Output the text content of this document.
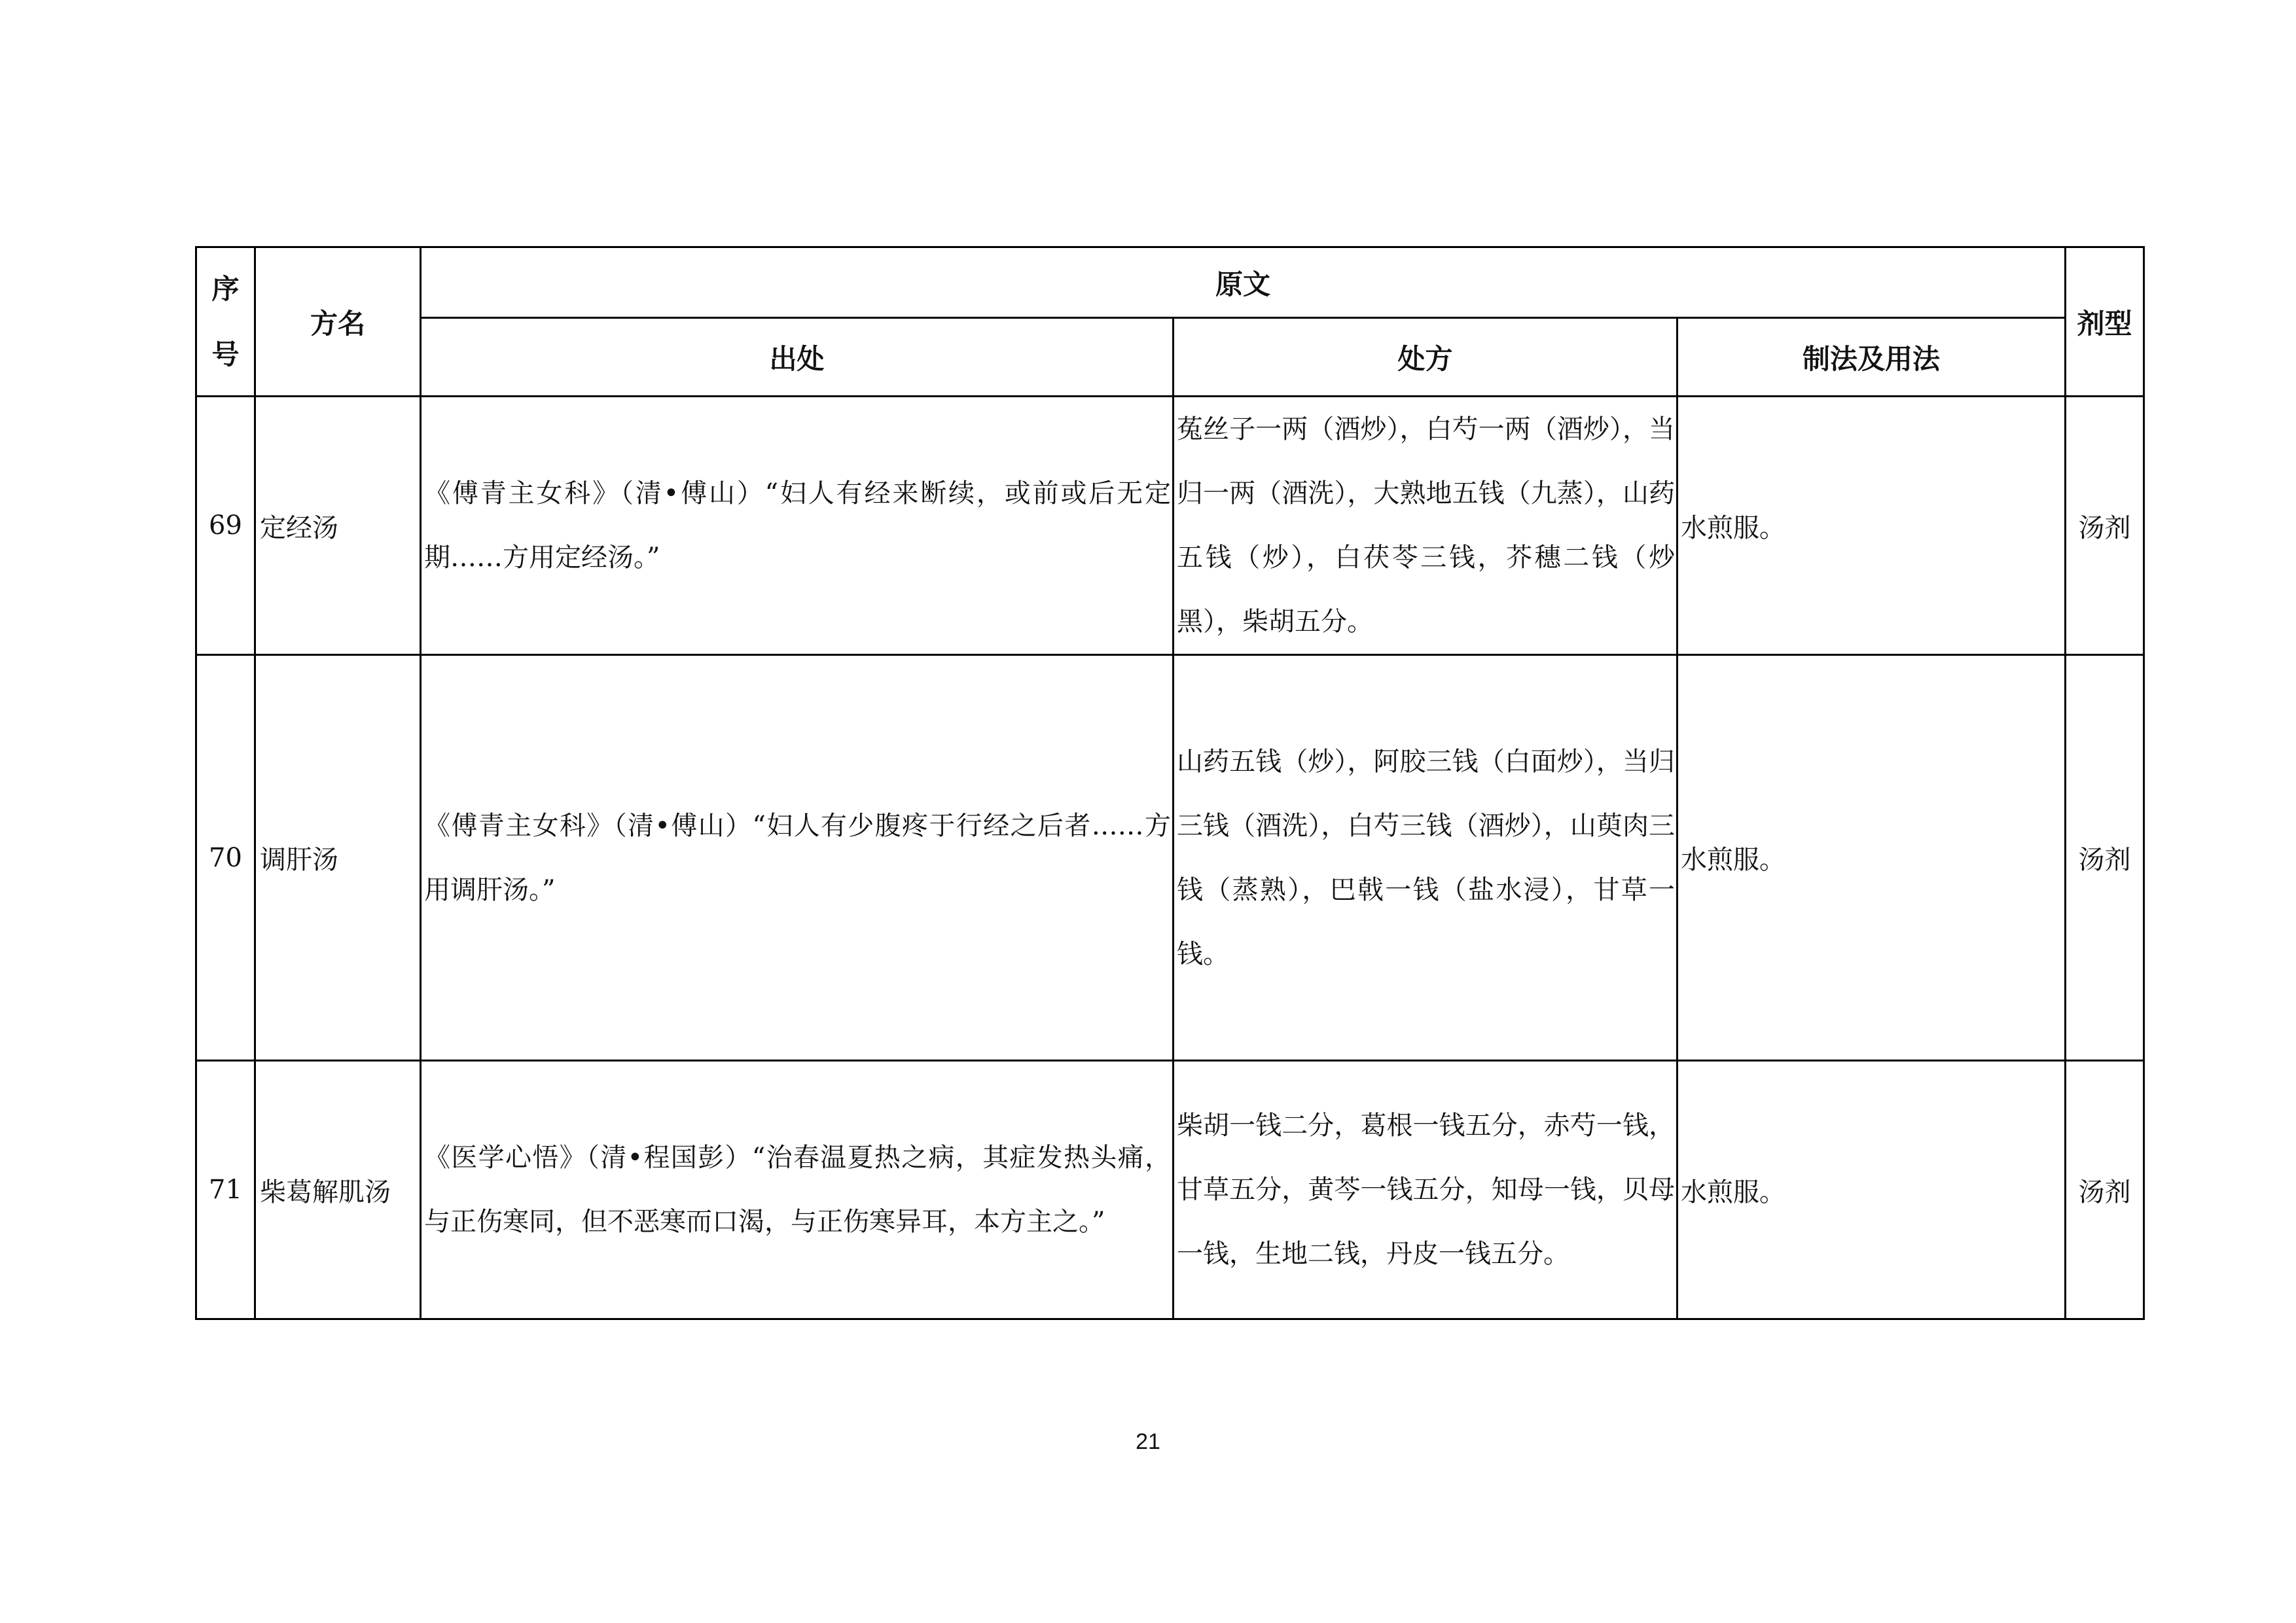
序
号	方名	原文			剂型
		出处	处方	制法及用法	
69	定经汤	《傅青主女科》（清•傅山）“妇人有经来断续，或前或后无定期……方用定经汤。”	菟丝子一两（酒炒），白芍一两（酒炒），当归一两（酒洗），大熟地五钱（九蒸），山药五钱（炒），白茯苓三钱，芥穗二钱（炒黑），柴胡五分。	水煎服。	汤剂
70	调肝汤	《傅青主女科》（清•傅山）“妇人有少腹疼于行经之后者……方用调肝汤。”	山药五钱（炒），阿胶三钱（白面炒），当归三钱（酒洗），白芍三钱（酒炒），山萸肉三钱（蒸熟），巴戟一钱（盐水浸），甘草一钱。	水煎服。	汤剂
71	柴葛解肌汤	《医学心悟》（清•程国彭）“治春温夏热之病，其症发热头痛，与正伤寒同，但不恶寒而口渴，与正伤寒异耳，本方主之。”	柴胡一钱二分，葛根一钱五分，赤芍一钱，甘草五分，黄芩一钱五分，知母一钱，贝母一钱，生地二钱，丹皮一钱五分。	水煎服。	汤剂
21
